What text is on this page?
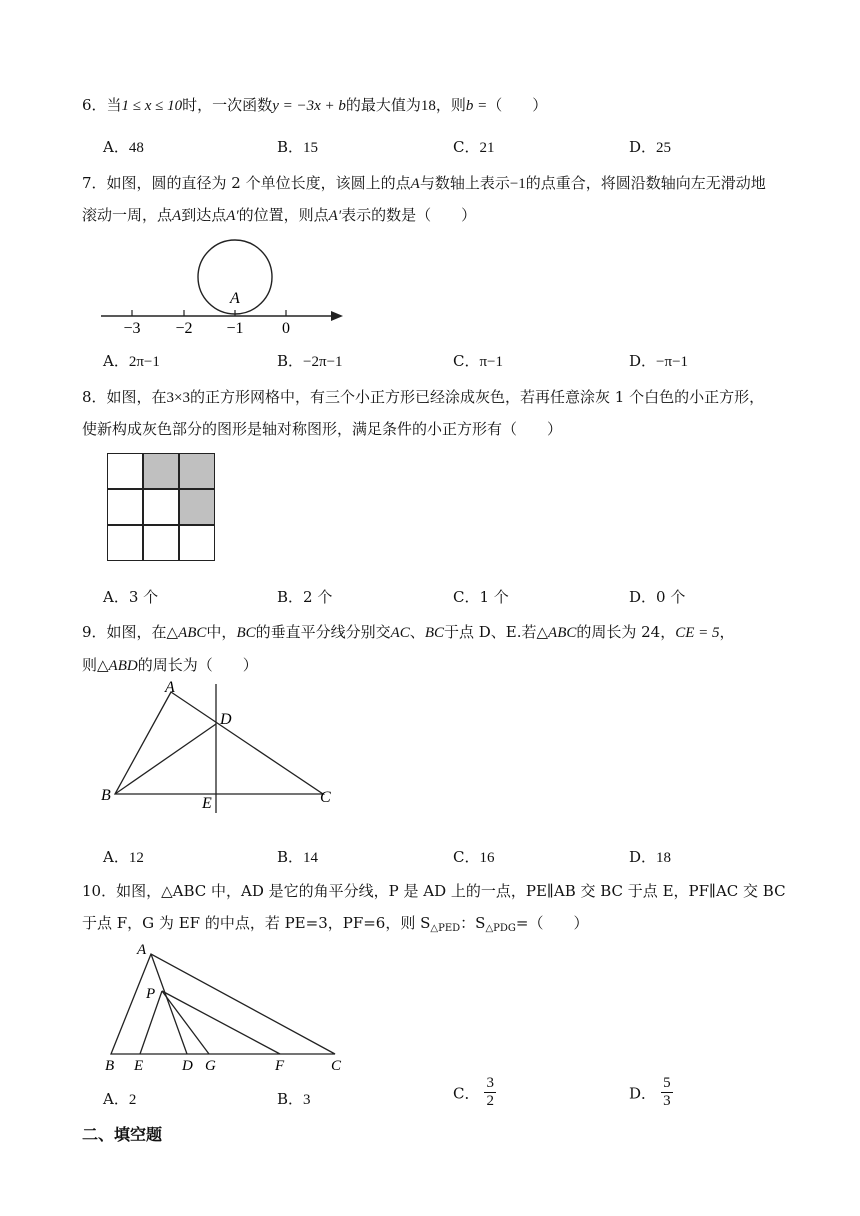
6．当1 ≤ x ≤ 10时，一次函数y = −3x + b的最大值为18，则b =（　　）
A．48	B．15	C．21	D．25
7．如图，圆的直径为 2 个单位长度，该圆上的点A与数轴上表示−1的点重合，将圆沿数轴向左无滑动地
滚动一周，点A到达点A′的位置，则点A′表示的数是（　　）
A
−3 −2 −1 0
A．2π−1	B．−2π−1	C．π−1	D．−π−1
8．如图，在3×3的正方形网格中，有三个小正方形已经涂成灰色，若再任意涂灰 1 个白色的小正方形，
使新构成灰色部分的图形是轴对称图形，满足条件的小正方形有（　　）
A．3 个	B．2 个	C．1 个	D．0 个
9．如图，在△ABC中，BC的垂直平分线分别交AC、BC于点 D、E.若△ABC的周长为 24，CE = 5，
则△ABD的周长为（　　）
A
D
B	E	C
A．12	B．14	C．16	D．18
10．如图，△ABC 中，AD 是它的角平分线，P 是 AD 上的一点，PE∥AB 交 BC 于点 E，PF∥AC 交 BC
于点 F，G 为 EF 的中点，若 PE=3，PF=6，则 $S_{\triangle PED}$：$S_{\triangle PDG}=$（　　）
A
P
B E	D G	F	C
A．2	B．3	C． $\frac{3}{2}$	D． $\frac{5}{3}$
二、填空题
